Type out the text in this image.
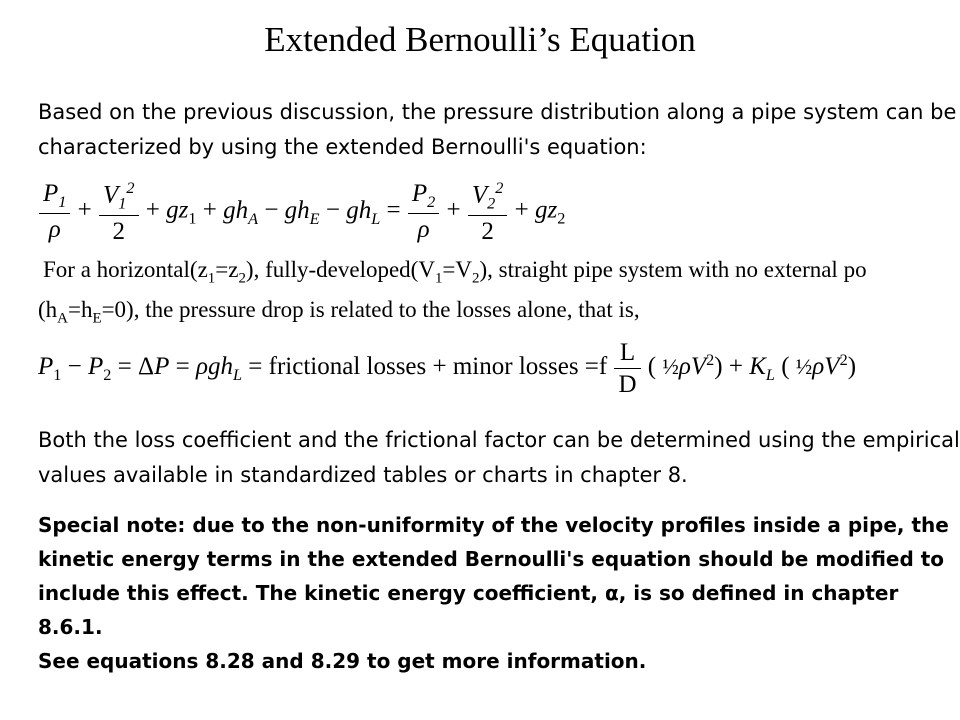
Extended Bernoulli’s Equation
Based on the previous discussion, the pressure distribution along a pipe system can be
characterized by using the extended Bernoulli's equation:
$\frac{P_1}{\rho} + \frac{V_1^2}{2} + gz_1 + gh_A - gh_E - gh_L = \frac{P_2}{\rho} + \frac{V_2^2}{2} + gz_2$
For a $horizontal(z_1=z_2)$, fully-$developed(V_1=V_2)$, straight pipe system with no external po
$(h_A=h_E=0)$, the pressure drop is related to the losses alone, that is,
$P_1 - P_2 = \Delta P = \rho gh_L$ = frictional losses + minor losses $=f \frac{L}{D}$ ( $\frac{1}{2}\rho V^2) + K_L$ ( $\frac{1}{2}\rho V^2$)
Both the loss coefficient and the frictional factor can be determined using the empirical
values available in standardized tables or charts in chapter 8.
Special note: due to the non-uniformity of the velocity profiles inside a pipe, the
kinetic energy terms in the extended Bernoulli's equation should be modified to
include this effect. The kinetic energy coefficient, α, is so defined in chapter 8.6.1.
See equations 8.28 and 8.29 to get more information.
